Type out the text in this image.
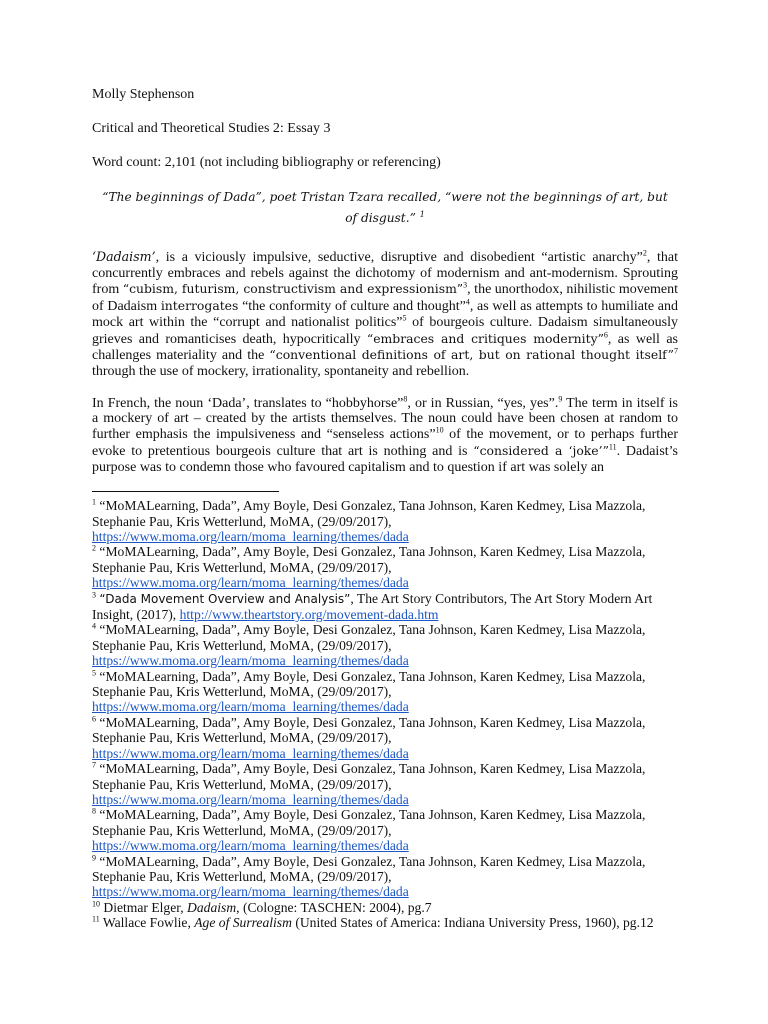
Molly Stephenson

Critical and Theoretical Studies 2: Essay 3

Word count: 2,101 (not including bibliography or referencing)

“The beginnings of Dada”, poet Tristan Tzara recalled, “were not the beginnings of art, but of disgust.” $^1$

‘Dadaism’, is a viciously impulsive, seductive, disruptive and disobedient “artistic anarchy”$^2$, that concurrently embraces and rebels against the dichotomy of modernism and ant-modernism. Sprouting from “cubism, futurism, constructivism and expressionism”$^3$, the unorthodox, nihilistic movement of Dadaism interrogates “the conformity of culture and thought”$^4$, as well as attempts to humiliate and mock art within the “corrupt and nationalist politics”$^5$ of bourgeois culture. Dadaism simultaneously grieves and romanticises death, hypocritically “embraces and critiques modernity”$^6$, as well as challenges materiality and the “conventional definitions of art, but on rational thought itself”$^7$ through the use of mockery, irrationality, spontaneity and rebellion.

In French, the noun ‘Dada’, translates to “hobbyhorse”$^8$, or in Russian, “yes, yes”.$^9$ The term in itself is a mockery of art – created by the artists themselves. The noun could have been chosen at random to further emphasis the impulsiveness and “senseless actions”$^{10}$ of the movement, or to perhaps further evoke to pretentious bourgeois culture that art is nothing and is “considered a ‘joke’”$^{11}$. Dadaist’s purpose was to condemn those who favoured capitalism and to question if art was solely an

$^1$ “MoMALearning, Dada”, Amy Boyle, Desi Gonzalez, Tana Johnson, Karen Kedmey, Lisa Mazzola, Stephanie Pau, Kris Wetterlund, MoMA, (29/09/2017),
https://www.moma.org/learn/moma_learning/themes/dada

$^2$ “MoMALearning, Dada”, Amy Boyle, Desi Gonzalez, Tana Johnson, Karen Kedmey, Lisa Mazzola, Stephanie Pau, Kris Wetterlund, MoMA, (29/09/2017),
https://www.moma.org/learn/moma_learning/themes/dada

$^3$ “Dada Movement Overview and Analysis”, The Art Story Contributors, The Art Story Modern Art Insight, (2017), http://www.theartstory.org/movement-dada.htm

$^4$ “MoMALearning, Dada”, Amy Boyle, Desi Gonzalez, Tana Johnson, Karen Kedmey, Lisa Mazzola, Stephanie Pau, Kris Wetterlund, MoMA, (29/09/2017),
https://www.moma.org/learn/moma_learning/themes/dada

$^5$ “MoMALearning, Dada”, Amy Boyle, Desi Gonzalez, Tana Johnson, Karen Kedmey, Lisa Mazzola, Stephanie Pau, Kris Wetterlund, MoMA, (29/09/2017),
https://www.moma.org/learn/moma_learning/themes/dada

$^6$ “MoMALearning, Dada”, Amy Boyle, Desi Gonzalez, Tana Johnson, Karen Kedmey, Lisa Mazzola, Stephanie Pau, Kris Wetterlund, MoMA, (29/09/2017),
https://www.moma.org/learn/moma_learning/themes/dada

$^7$ “MoMALearning, Dada”, Amy Boyle, Desi Gonzalez, Tana Johnson, Karen Kedmey, Lisa Mazzola, Stephanie Pau, Kris Wetterlund, MoMA, (29/09/2017),
https://www.moma.org/learn/moma_learning/themes/dada

$^8$ “MoMALearning, Dada”, Amy Boyle, Desi Gonzalez, Tana Johnson, Karen Kedmey, Lisa Mazzola, Stephanie Pau, Kris Wetterlund, MoMA, (29/09/2017),
https://www.moma.org/learn/moma_learning/themes/dada

$^9$ “MoMALearning, Dada”, Amy Boyle, Desi Gonzalez, Tana Johnson, Karen Kedmey, Lisa Mazzola, Stephanie Pau, Kris Wetterlund, MoMA, (29/09/2017),
https://www.moma.org/learn/moma_learning/themes/dada

$^{10}$ Dietmar Elger, Dadaism, (Cologne: TASCHEN: 2004), pg.7

$^{11}$ Wallace Fowlie, Age of Surrealism (United States of America: Indiana University Press, 1960), pg.12
